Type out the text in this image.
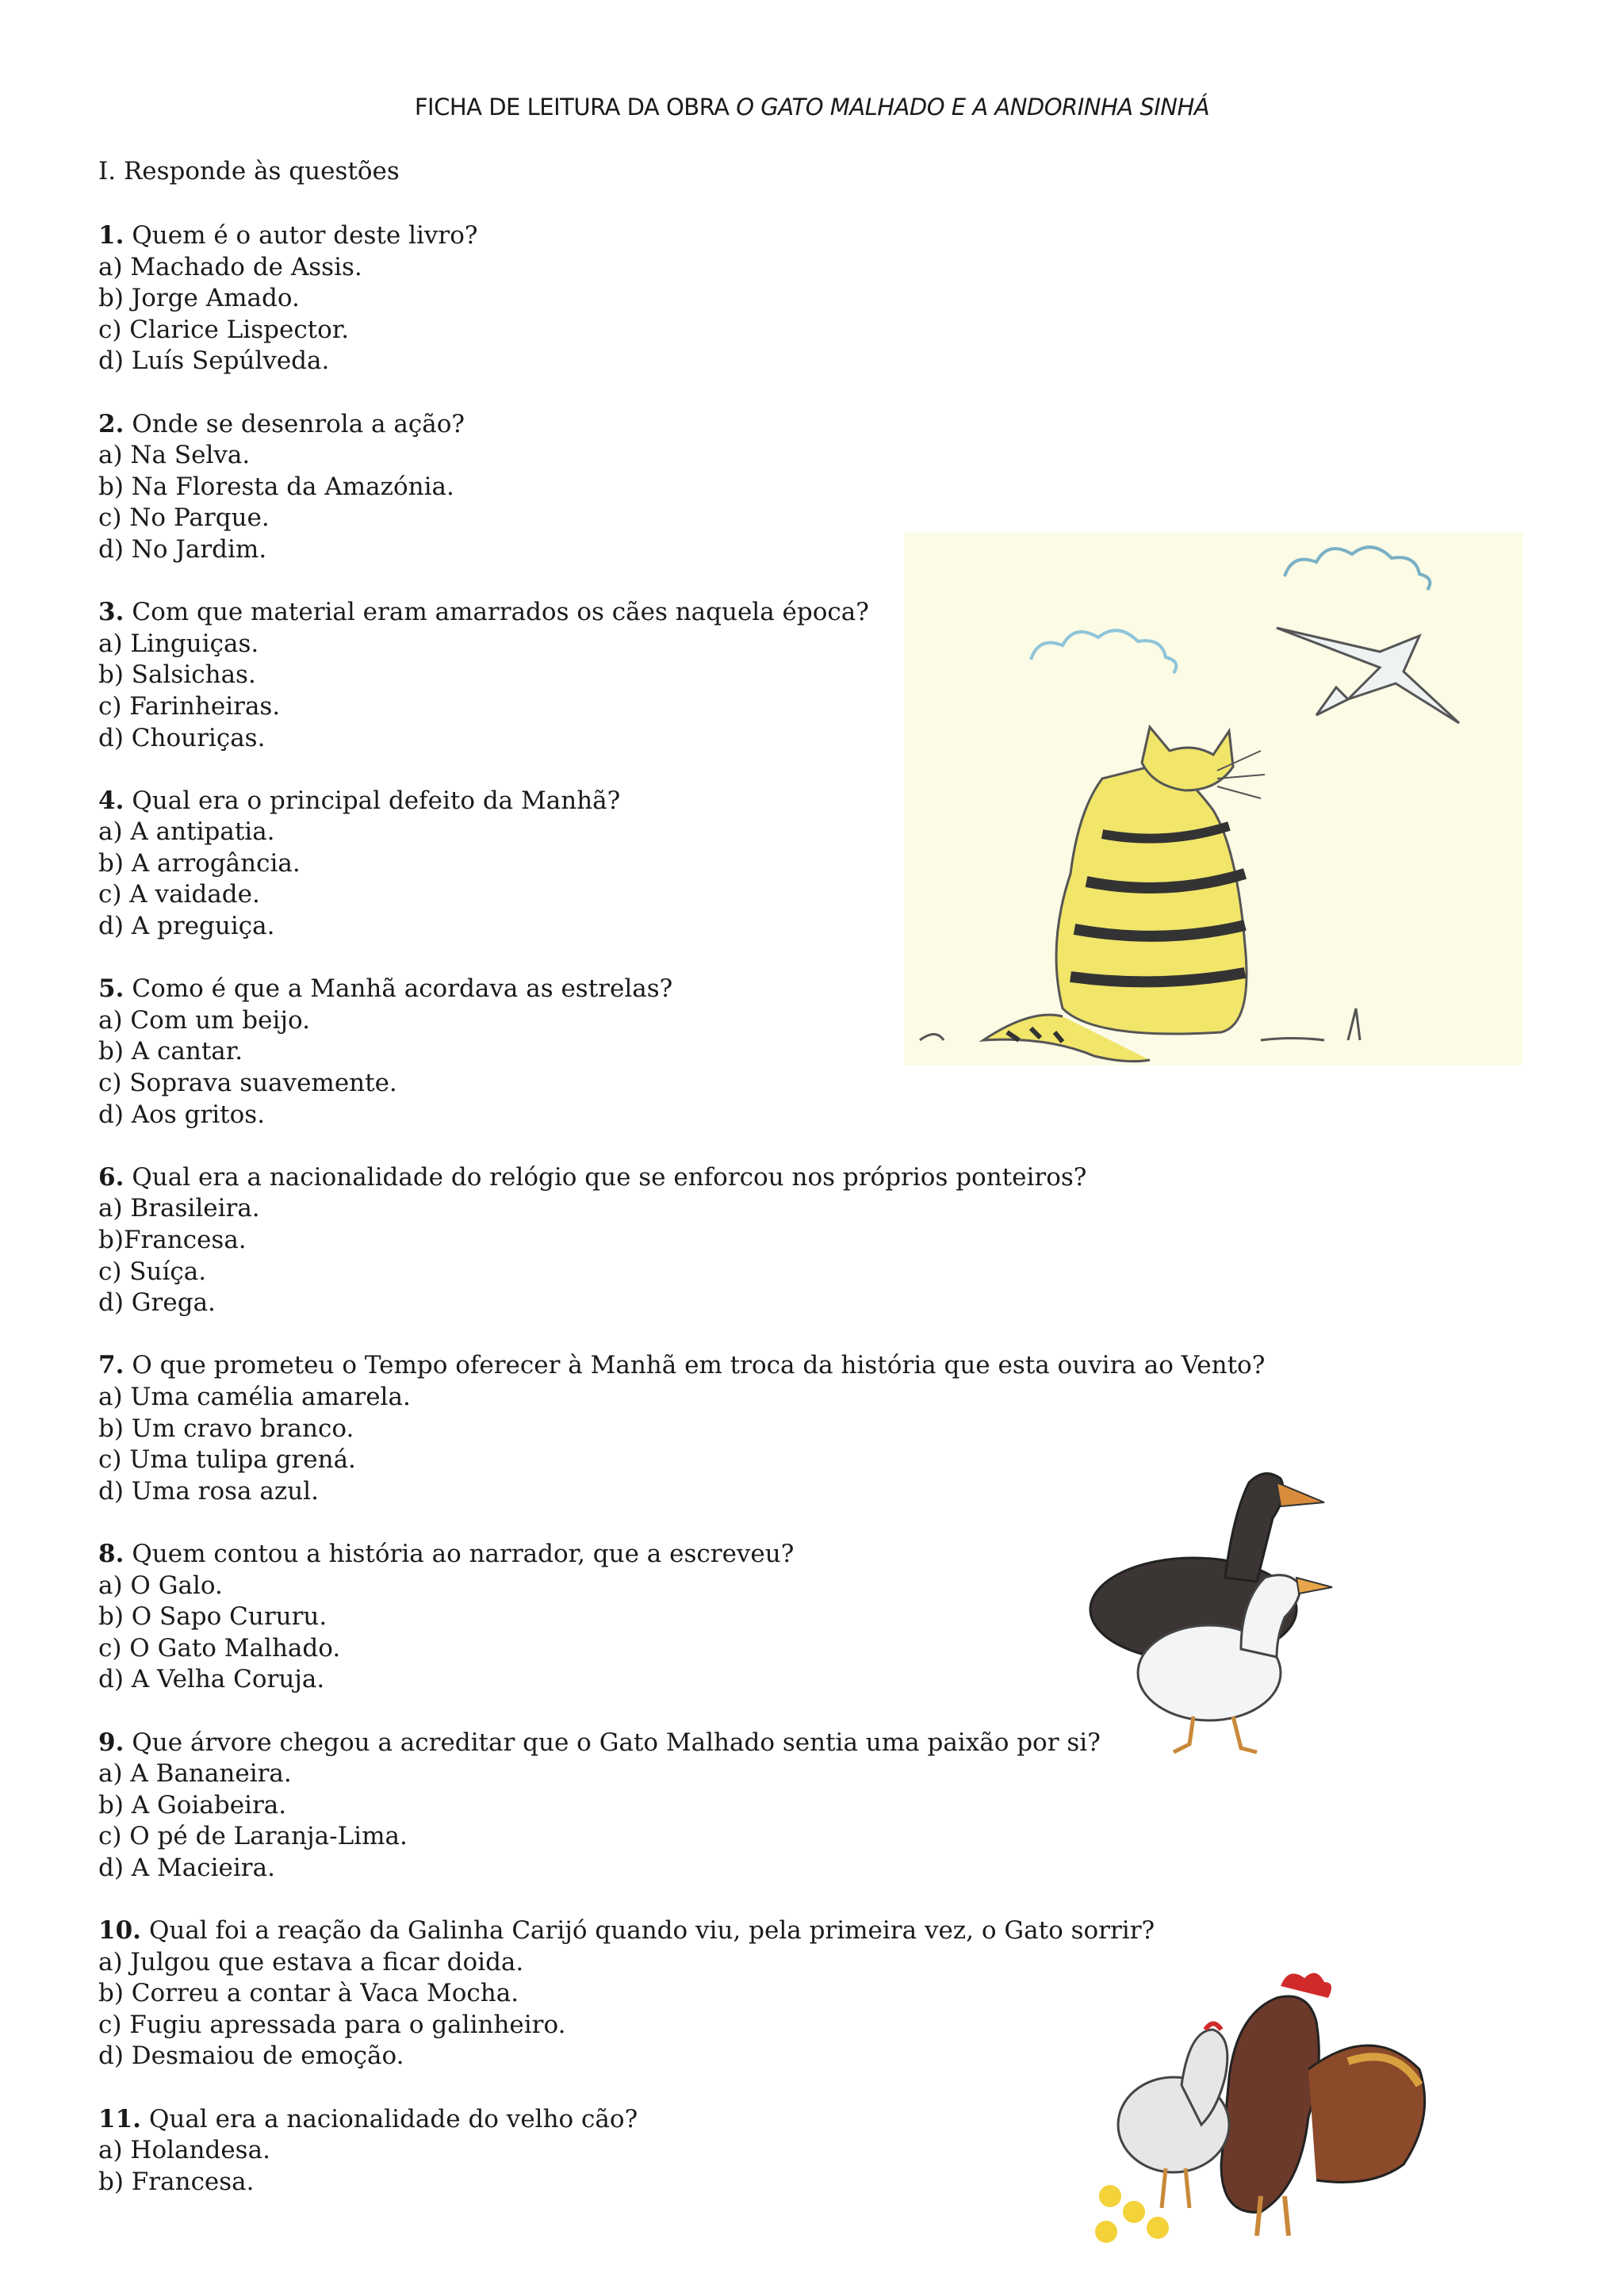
FICHA DE LEITURA DA OBRA O GATO MALHADO E A ANDORINHA SINHÁ
I. Responde às questões
1. Quem é o autor deste livro?
a) Machado de Assis.
b) Jorge Amado.
c) Clarice Lispector.
d) Luís Sepúlveda.
2. Onde se desenrola a ação?
a) Na Selva.
b) Na Floresta da Amazónia.
c) No Parque.
d) No Jardim.
3. Com que material eram amarrados os cães naquela época?
a) Linguiças.
b) Salsichas.
c) Farinheiras.
d) Chouriças.
4. Qual era o principal defeito da Manhã?
a) A antipatia.
b) A arrogância.
c) A vaidade.
d) A preguiça.
5. Como é que a Manhã acordava as estrelas?
a) Com um beijo.
b) A cantar.
c) Soprava suavemente.
d) Aos gritos.
6. Qual era a nacionalidade do relógio que se enforcou nos próprios ponteiros?
a) Brasileira.
b)Francesa.
c) Suíça.
d) Grega.
7. O que prometeu o Tempo oferecer à Manhã em troca da história que esta ouvira ao Vento?
a) Uma camélia amarela.
b) Um cravo branco.
c) Uma tulipa grená.
d) Uma rosa azul.
8. Quem contou a história ao narrador, que a escreveu?
a) O Galo.
b) O Sapo Cururu.
c) O Gato Malhado.
d) A Velha Coruja.
9. Que árvore chegou a acreditar que o Gato Malhado sentia uma paixão por si?
a) A Bananeira.
b) A Goiabeira.
c) O pé de Laranja-Lima.
d) A Macieira.
10. Qual foi a reação da Galinha Carijó quando viu, pela primeira vez, o Gato sorrir?
a) Julgou que estava a ficar doida.
b) Correu a contar à Vaca Mocha.
c) Fugiu apressada para o galinheiro.
d) Desmaiou de emoção.
11. Qual era a nacionalidade do velho cão?
a) Holandesa.
b) Francesa.
